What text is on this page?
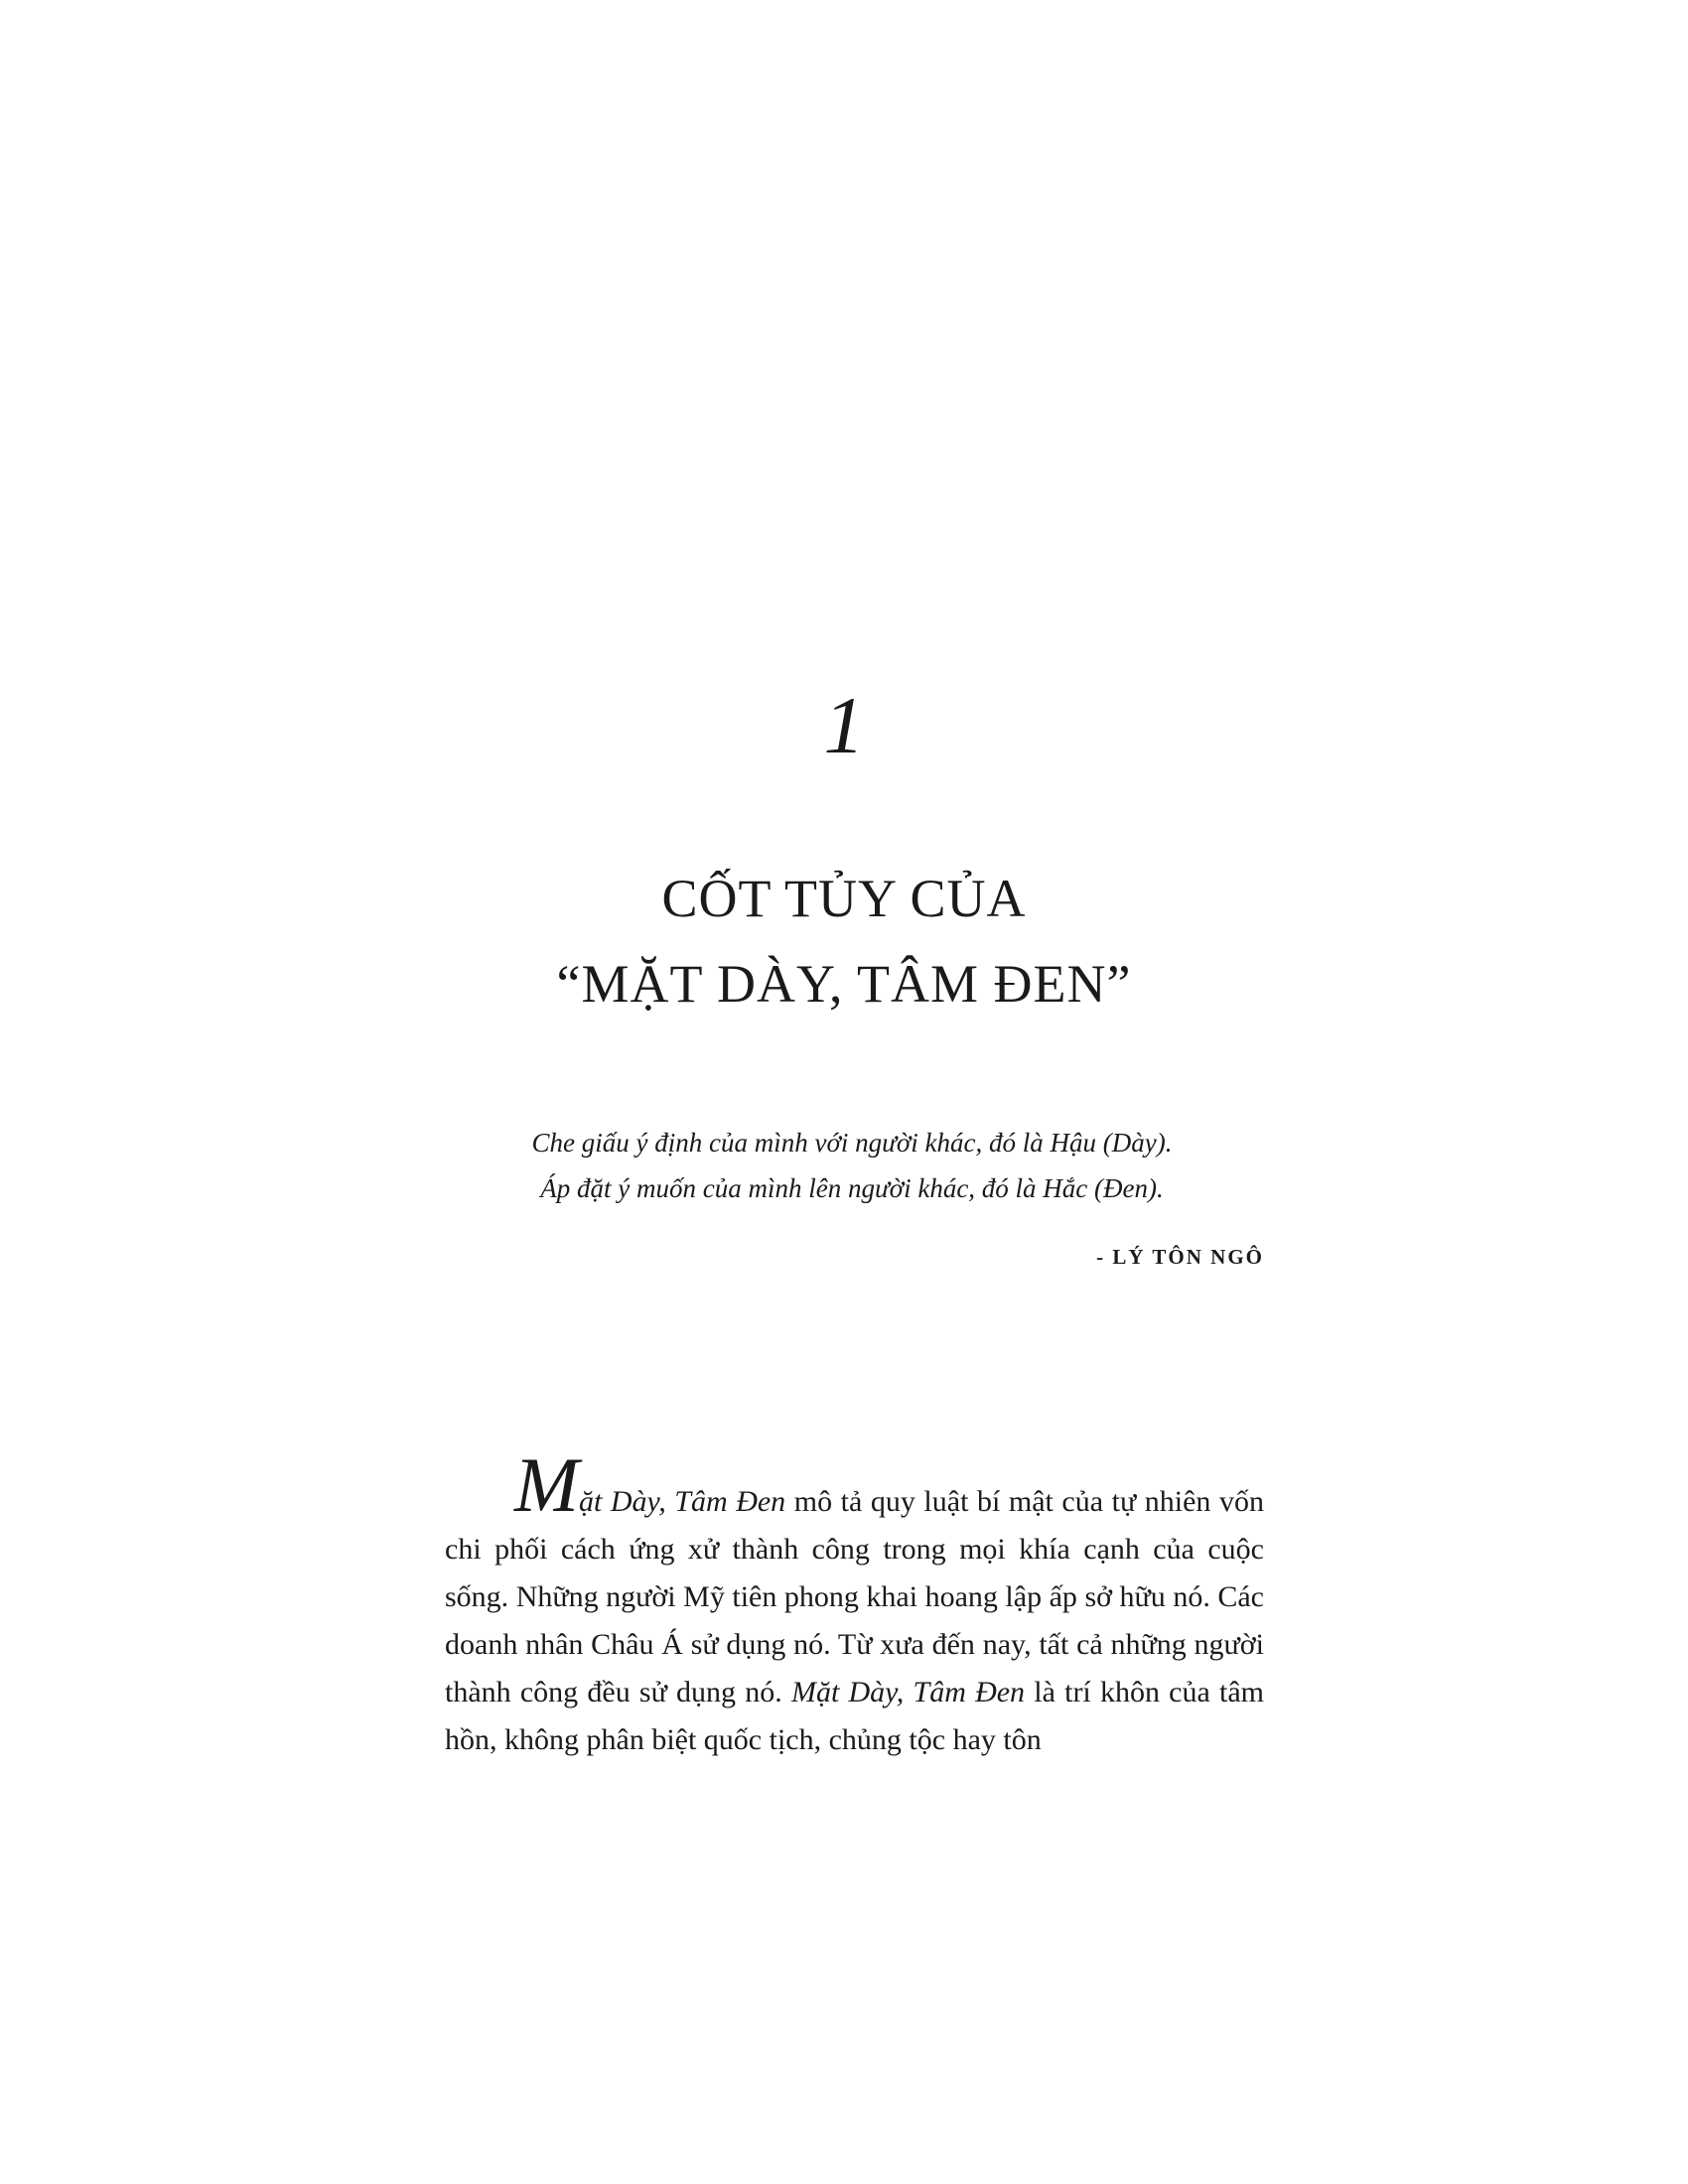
1
CỐT TỦY CỦA
“MẶT DÀY, TÂM ĐEN”
Che giấu ý định của mình với người khác, đó là Hậu (Dày).
Áp đặt ý muốn của mình lên người khác, đó là Hắc (Đen).
- LÝ TÔN NGÔ

Mặt Dày, Tâm Đen mô tả quy luật bí mật của tự nhiên vốn chi phối cách ứng xử thành công trong mọi khía cạnh của cuộc sống. Những người Mỹ tiên phong khai hoang lập ấp sở hữu nó. Các doanh nhân Châu Á sử dụng nó. Từ xưa đến nay, tất cả những người thành công đều sử dụng nó. Mặt Dày, Tâm Đen là trí khôn của tâm hồn, không phân biệt quốc tịch, chủng tộc hay tôn
